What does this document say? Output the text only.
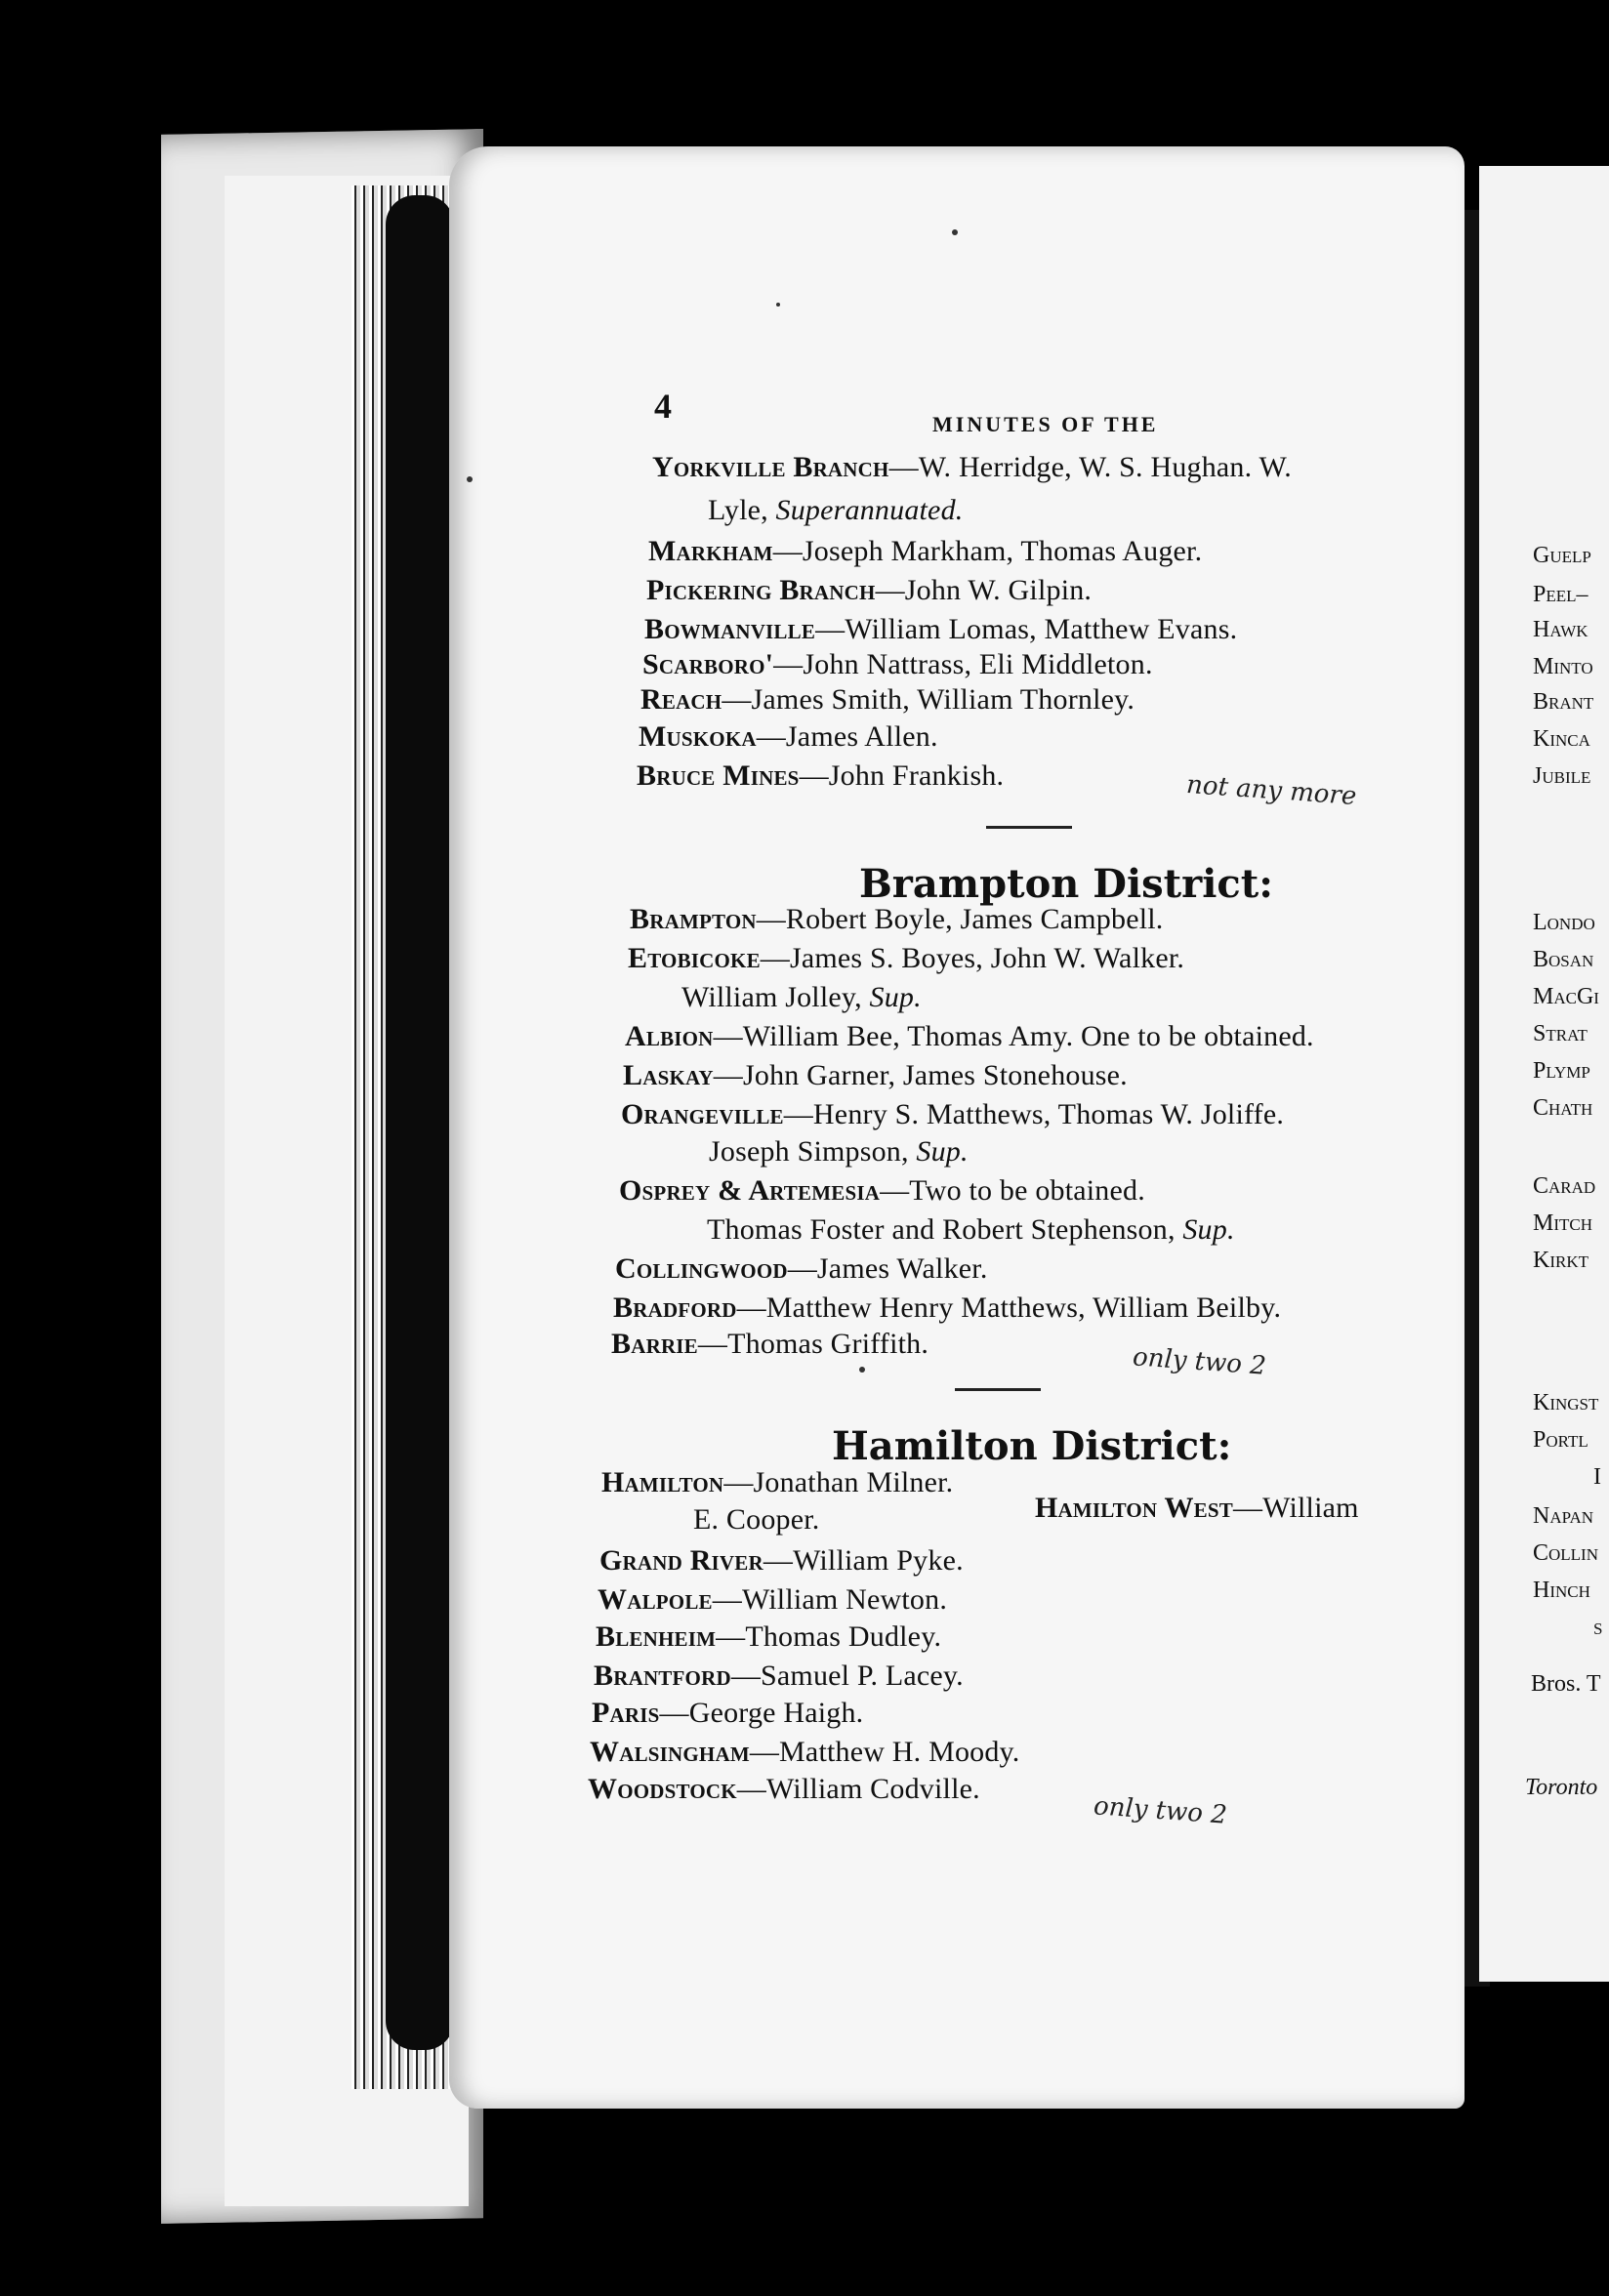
4	MINUTES OF THE
Yorkville Branch—W. Herridge, W. S. Hughan. W.
Lyle, Superannuated.
Markham—Joseph Markham, Thomas Auger.
Pickering Branch—John W. Gilpin.
Bowmanville—William Lomas, Matthew Evans.
Scarboro'—John Nattrass, Eli Middleton.
Reach—James Smith, William Thornley.
Muskoka—James Allen.
Bruce Mines—John Frankish.	not any more
Brampton District:
Brampton—Robert Boyle, James Campbell.
Etobicoke—James S. Boyes, John W. Walker.
William Jolley, Sup.
Albion—William Bee, Thomas Amy. One to be obtained.
Laskay—John Garner, James Stonehouse.
Orangeville—Henry S. Matthews, Thomas W. Joliffe.
Joseph Simpson, Sup.
Osprey & Artemesia—Two to be obtained.
Thomas Foster and Robert Stephenson, Sup.
Collingwood—James Walker.
Bradford—Matthew Henry Matthews, William Beilby.
Barrie—Thomas Griffith.	only two 2
Hamilton District:
Hamilton—Jonathan Milner.
Hamilton West—William
E. Cooper.
Grand River—William Pyke.
Walpole—William Newton.
Blenheim—Thomas Dudley.
Brantford—Samuel P. Lacey.
Paris—George Haigh.
Walsingham—Matthew H. Moody.
Woodstock—William Codville.
only two 2
Guelp
Peel–
Hawk
Minto
Brant
Kinca
Jubile
Londo
Bosan
MacGi
Strat
Plymp
Chath
Carad
Mitch
Kirkt
Kingst
Portl
I
Napan
Collin
Hinch
s
Bros. T
Toronto
